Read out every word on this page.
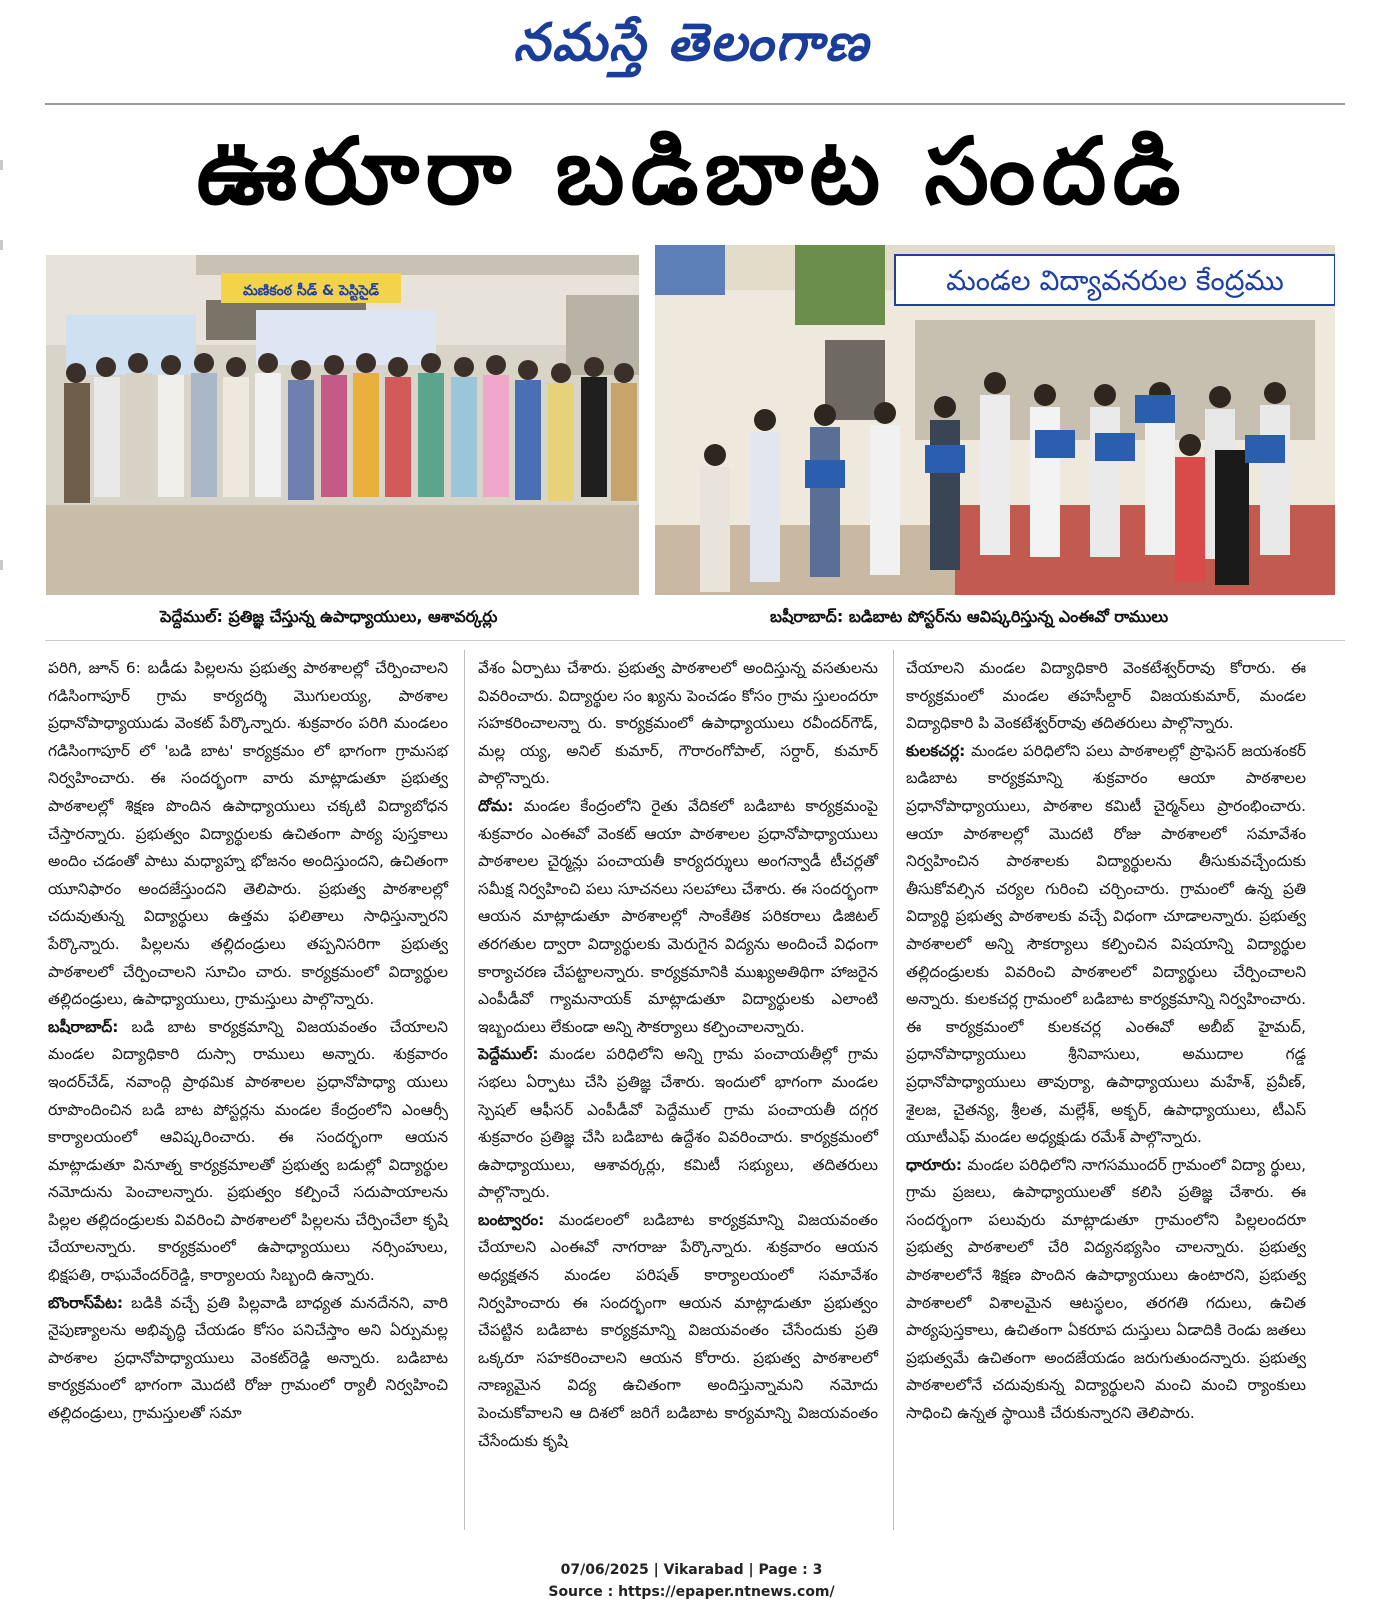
నమస్తే తెలంగాణ
ఊరూరా బడిబాట సందడి
మణికంఠ సీడ్ & పెస్టిసైడ్	మండల విద్యావనరుల కేంద్రము
పెద్దేముల్: ప్రతిజ్ఞ చేస్తున్న ఉపాధ్యాయులు, ఆశావర్కర్లు	బషీరాబాద్: బడిబాట పోస్టర్‌ను ఆవిష్కరిస్తున్న ఎంఈవో రాములు

పరిగి, జూన్ 6: బడీడు పిల్లలను ప్రభుత్వ పాఠశాలల్లో చేర్పించాలని గడిసింగాపూర్ గ్రామ కార్యదర్శి మొగులయ్య, పాఠశాల ప్రధానోపాధ్యాయుడు వెంకట్ పేర్కొన్నారు. శుక్రవారం పరిగి మండలం గడిసింగాపూర్ లో 'బడి బాట' కార్యక్రమం లో భాగంగా గ్రామసభ నిర్వహించారు. ఈ సందర్భంగా వారు మాట్లాడుతూ ప్రభుత్వ పాఠశాలల్లో శిక్షణ పొందిన ఉపాధ్యాయులు చక్కటి విద్యాబోధన చేస్తారన్నారు. ప్రభుత్వం విద్యార్థులకు ఉచితంగా పాఠ్య పుస్తకాలు అందిం చడంతో పాటు మధ్యాహ్న భోజనం అందిస్తుందని, ఉచితంగా యూనిఫారం అందజేస్తుందని తెలిపారు. ప్రభుత్వ పాఠశాలల్లో చదువుతున్న విద్యార్థులు ఉత్తమ ఫలితాలు సాధిస్తున్నారని పేర్కొన్నారు. పిల్లలను తల్లిదండ్రులు తప్పనిసరిగా ప్రభుత్వ పాఠశాలలో చేర్పించాలని సూచిం చారు. కార్యక్రమంలో విద్యార్థుల తల్లిదండ్రులు, ఉపాధ్యాయులు, గ్రామస్తులు పాల్గొన్నారు.

బషీరాబాద్: బడి బాట కార్యక్రమాన్ని విజయవంతం చేయాలని మండల విద్యాధికారి దుస్సా రాములు అన్నారు. శుక్రవారం ఇందర్‌చేడ్, నవాంద్గి ప్రాథమిక పాఠశాలల ప్రధానోపాధ్యా యులు రూపొందించిన బడి బాట పోస్టర్లను మండల కేంద్రంలోని ఎంఆర్సీ కార్యాలయంలో ఆవిష్కరించారు. ఈ సందర్భంగా ఆయన మాట్లాడుతూ వినూత్న కార్యక్రమాలతో ప్రభుత్వ బడుల్లో విద్యార్థుల నమోదును పెంచాలన్నారు. ప్రభుత్వం కల్పించే సదుపాయాలను పిల్లల తల్లిదండ్రులకు వివరించి పాఠశాలలో పిల్లలను చేర్పించేలా కృషి చేయాలన్నారు. కార్యక్రమంలో ఉపాధ్యాయులు నర్సింహులు, భిక్షపతి, రాఘవేందర్‌రెడ్డి, కార్యాలయ సిబ్బంది ఉన్నారు.

బొంరాస్‌పేట: బడికి వచ్చే ప్రతి పిల్లవాడి బాధ్యత మనదేనని, వారి నైపుణ్యాలను అభివృద్ధి చేయడం కోసం పనిచేస్తాం అని ఏర్పుమల్ల పాఠశాల ప్రధానోపాధ్యాయులు వెంకట్‌రెడ్డి అన్నారు. బడిబాట కార్యక్రమంలో భాగంగా మొదటి రోజు గ్రామంలో ర్యాలీ నిర్వహించి తల్లిదండ్రులు, గ్రామస్తులతో సమా

వేశం ఏర్పాటు చేశారు. ప్రభుత్వ పాఠశాలలో అందిస్తున్న వసతులను వివరించారు. విద్యార్థుల సం ఖ్యను పెంచడం కోసం గ్రామ స్తులందరూ సహకరించాలన్నా రు. కార్యక్రమంలో ఉపాధ్యాయులు రవీందర్‌గౌడ్, మల్ల య్య, అనిల్ కుమార్, గౌరారంగోపాల్, సర్దార్, కుమార్ పాల్గొన్నారు.

దోమ: మండల కేంద్రంలోని రైతు వేదికలో బడిబాట కార్యక్రమంపై శుక్రవారం ఎంఈవో వెంకట్ ఆయా పాఠశాలల ప్రధానోపాధ్యాయులు పాఠశాలల చైర్మన్లు పంచాయతీ కార్యదర్శులు అంగన్వాడీ టీచర్లతో సమీక్ష నిర్వహించి పలు సూచనలు సలహాలు చేశారు. ఈ సందర్భంగా ఆయన మాట్లాడుతూ పాఠశాలల్లో సాంకేతిక పరికరాలు డిజిటల్ తరగతుల ద్వారా విద్యార్థులకు మెరుగైన విద్యను అందించే విధంగా కార్యాచరణ చేపట్టాలన్నారు. కార్యక్రమానికి ముఖ్యఅతిథిగా హాజరైన ఎంపీడీవో గ్యామనాయక్ మాట్లాడుతూ విద్యార్థులకు ఎలాంటి ఇబ్బందులు లేకుండా అన్ని సౌకర్యాలు కల్పించాలన్నారు.

పెద్దేముల్: మండల పరిధిలోని అన్ని గ్రామ పంచాయతీల్లో గ్రామ సభలు ఏర్పాటు చేసి ప్రతిజ్ఞ చేశారు. ఇందులో భాగంగా మండల స్పెషల్ ఆఫీసర్ ఎంపీడీవో పెద్దేముల్ గ్రామ పంచాయతీ దగ్గర శుక్రవారం ప్రతిజ్ఞ చేసి బడిబాట ఉద్దేశం వివరించారు. కార్యక్రమంలో ఉపాధ్యాయులు, ఆశావర్కర్లు, కమిటీ సభ్యులు, తదితరులు పాల్గొన్నారు.

బంట్వారం: మండలంలో బడిబాట కార్యక్రమాన్ని విజయవంతం చేయాలని ఎంఈవో నాగరాజు పేర్కొన్నారు. శుక్రవారం ఆయన అధ్యక్షతన మండల పరిషత్ కార్యాలయంలో సమావేశం నిర్వహించారు ఈ సందర్భంగా ఆయన మాట్లాడుతూ ప్రభుత్వం చేపట్టిన బడిబాట కార్యక్రమాన్ని విజయవంతం చేసేందుకు ప్రతి ఒక్కరూ సహకరించాలని ఆయన కోరారు. ప్రభుత్వ పాఠశాలలో నాణ్యమైన విద్య ఉచితంగా అందిస్తున్నామని నమోదు పెంచుకోవాలని ఆ దిశలో జరిగే బడిబాట కార్యమాన్ని విజయవంతం చేసేందుకు కృషి

చేయాలని మండల విద్యాధికారి వెంకటేశ్వర్‌రావు కోరారు. ఈ కార్యక్రమంలో మండల తహసీల్దార్ విజయకుమార్, మండల విద్యాధికారి పి వెంకటేశ్వర్‌రావు తదితరులు పాల్గొన్నారు.

కులకచర్ల: మండల పరిధిలోని పలు పాఠశాలల్లో ప్రొఫెసర్ జయశంకర్ బడిబాట కార్యక్రమాన్ని శుక్రవారం ఆయా పాఠశాలల ప్రధానోపాధ్యాయులు, పాఠశాల కమిటీ చైర్మన్‌లు ప్రారంభించారు. ఆయా పాఠశాలల్లో మొదటి రోజు పాఠశాలలో సమావేశం నిర్వహించిన పాఠశాలకు విద్యార్థులను తీసుకువచ్చేందుకు తీసుకోవల్సిన చర్యల గురించి చర్చించారు. గ్రామంలో ఉన్న ప్రతి విద్యార్థి ప్రభుత్వ పాఠశాలకు వచ్చే విధంగా చూడాలన్నారు. ప్రభుత్వ పాఠశాలలో అన్ని సౌకర్యాలు కల్పించిన విషయాన్ని విద్యార్థుల తల్లిదండ్రులకు వివరించి పాఠశాలలో విద్యార్థులు చేర్పించాలని అన్నారు. కులకచర్ల గ్రామంలో బడిబాట కార్యక్రమాన్ని నిర్వహించారు. ఈ కార్యక్రమంలో కులకచర్ల ఎంఈవో అబీబ్ హైమద్, ప్రధానోపాధ్యాయులు శ్రీనివాసులు, అముదాల గడ్డ ప్రధానోపాధ్యాయులు తావుర్యా, ఉపాధ్యాయులు మహేశ్, ప్రవీణ్, శైలజ, చైతన్య, శ్రీలత, మల్లేశ్, అక్బర్, ఉపాధ్యాయులు, టీఎస్ యూటీఎఫ్ మండల అధ్యక్షుడు రమేశ్ పాల్గొన్నారు.

ధారూరు: మండల పరిధిలోని నాగసముందర్ గ్రామంలో విద్యా ర్థులు, గ్రామ ప్రజలు, ఉపాధ్యాయులతో కలిసి ప్రతిజ్ఞ చేశారు. ఈ సందర్భంగా పలువురు మాట్లాడుతూ గ్రామంలోని పిల్లలందరూ ప్రభుత్వ పాఠశాలలో చేరి విద్యనభ్యసిం చాలన్నారు. ప్రభుత్వ పాఠశాలలోనే శిక్షణ పొందిన ఉపాధ్యాయులు ఉంటారని, ప్రభుత్వ పాఠశాలలో విశాలమైన ఆటస్థలం, తరగతి గదులు, ఉచిత పాఠ్యపుస్తకాలు, ఉచితంగా ఏకరూప దుస్తులు ఏడాదికి రెండు జతలు ప్రభుత్వమే ఉచితంగా అందజేయడం జరుగుతుందన్నారు. ప్రభుత్వ పాఠశాలలోనే చదువుకున్న విద్యార్థులని మంచి మంచి ర్యాంకులు సాధించి ఉన్నత స్థాయికి చేరుకున్నారని తెలిపారు.

07/06/2025 | Vikarabad | Page : 3
Source : https://epaper.ntnews.com/
